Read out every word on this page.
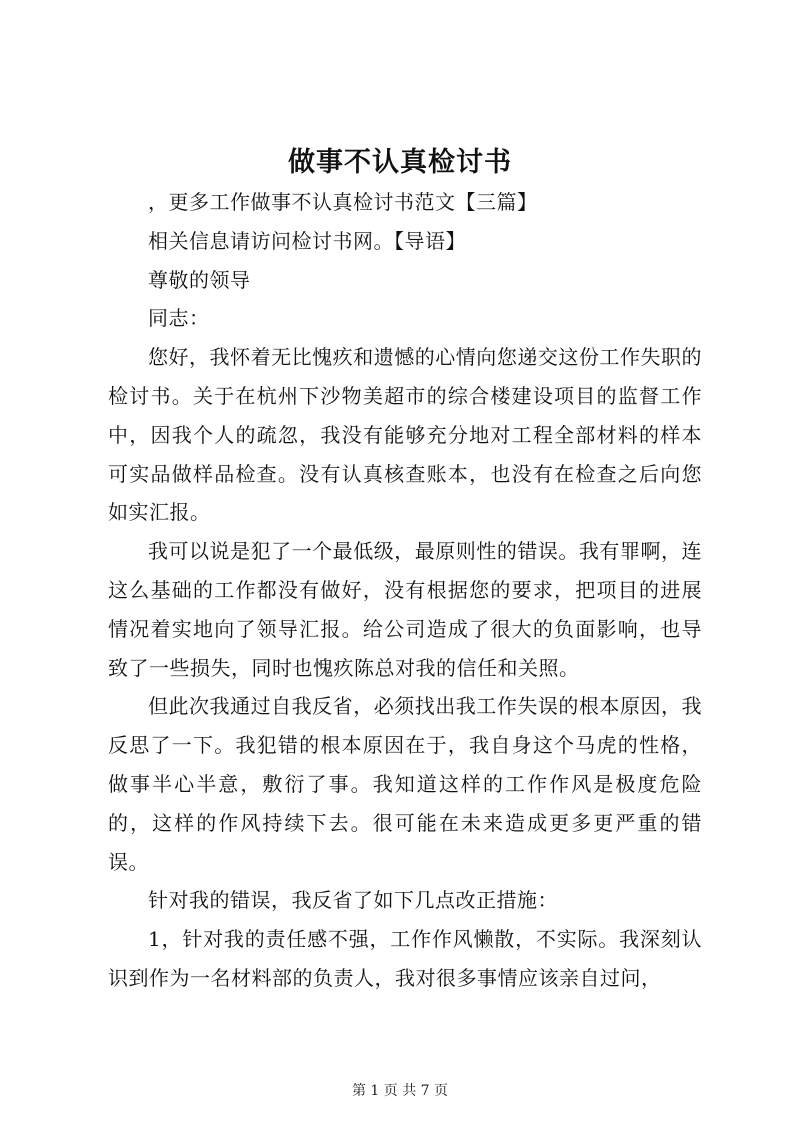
做事不认真检讨书

，更多工作做事不认真检讨书范文【三篇】

相关信息请访问检讨书网。【导语】

尊敬的领导

同志：

您好，我怀着无比愧疚和遗憾的心情向您递交这份工作失职的检讨书。关于在杭州下沙物美超市的综合楼建设项目的监督工作中，因我个人的疏忽，我没有能够充分地对工程全部材料的样本可实品做样品检查。没有认真核查账本，也没有在检查之后向您如实汇报。

我可以说是犯了一个最低级，最原则性的错误。我有罪啊，连这么基础的工作都没有做好，没有根据您的要求，把项目的进展情况着实地向了领导汇报。给公司造成了很大的负面影响，也导致了一些损失，同时也愧疚陈总对我的信任和关照。

但此次我通过自我反省，必须找出我工作失误的根本原因，我反思了一下。我犯错的根本原因在于，我自身这个马虎的性格，做事半心半意，敷衍了事。我知道这样的工作作风是极度危险的，这样的作风持续下去。很可能在未来造成更多更严重的错误。

针对我的错误，我反省了如下几点改正措施：

1，针对我的责任感不强，工作作风懒散，不实际。我深刻认识到作为一名材料部的负责人，我对很多事情应该亲自过问，

第 1 页 共 7 页
